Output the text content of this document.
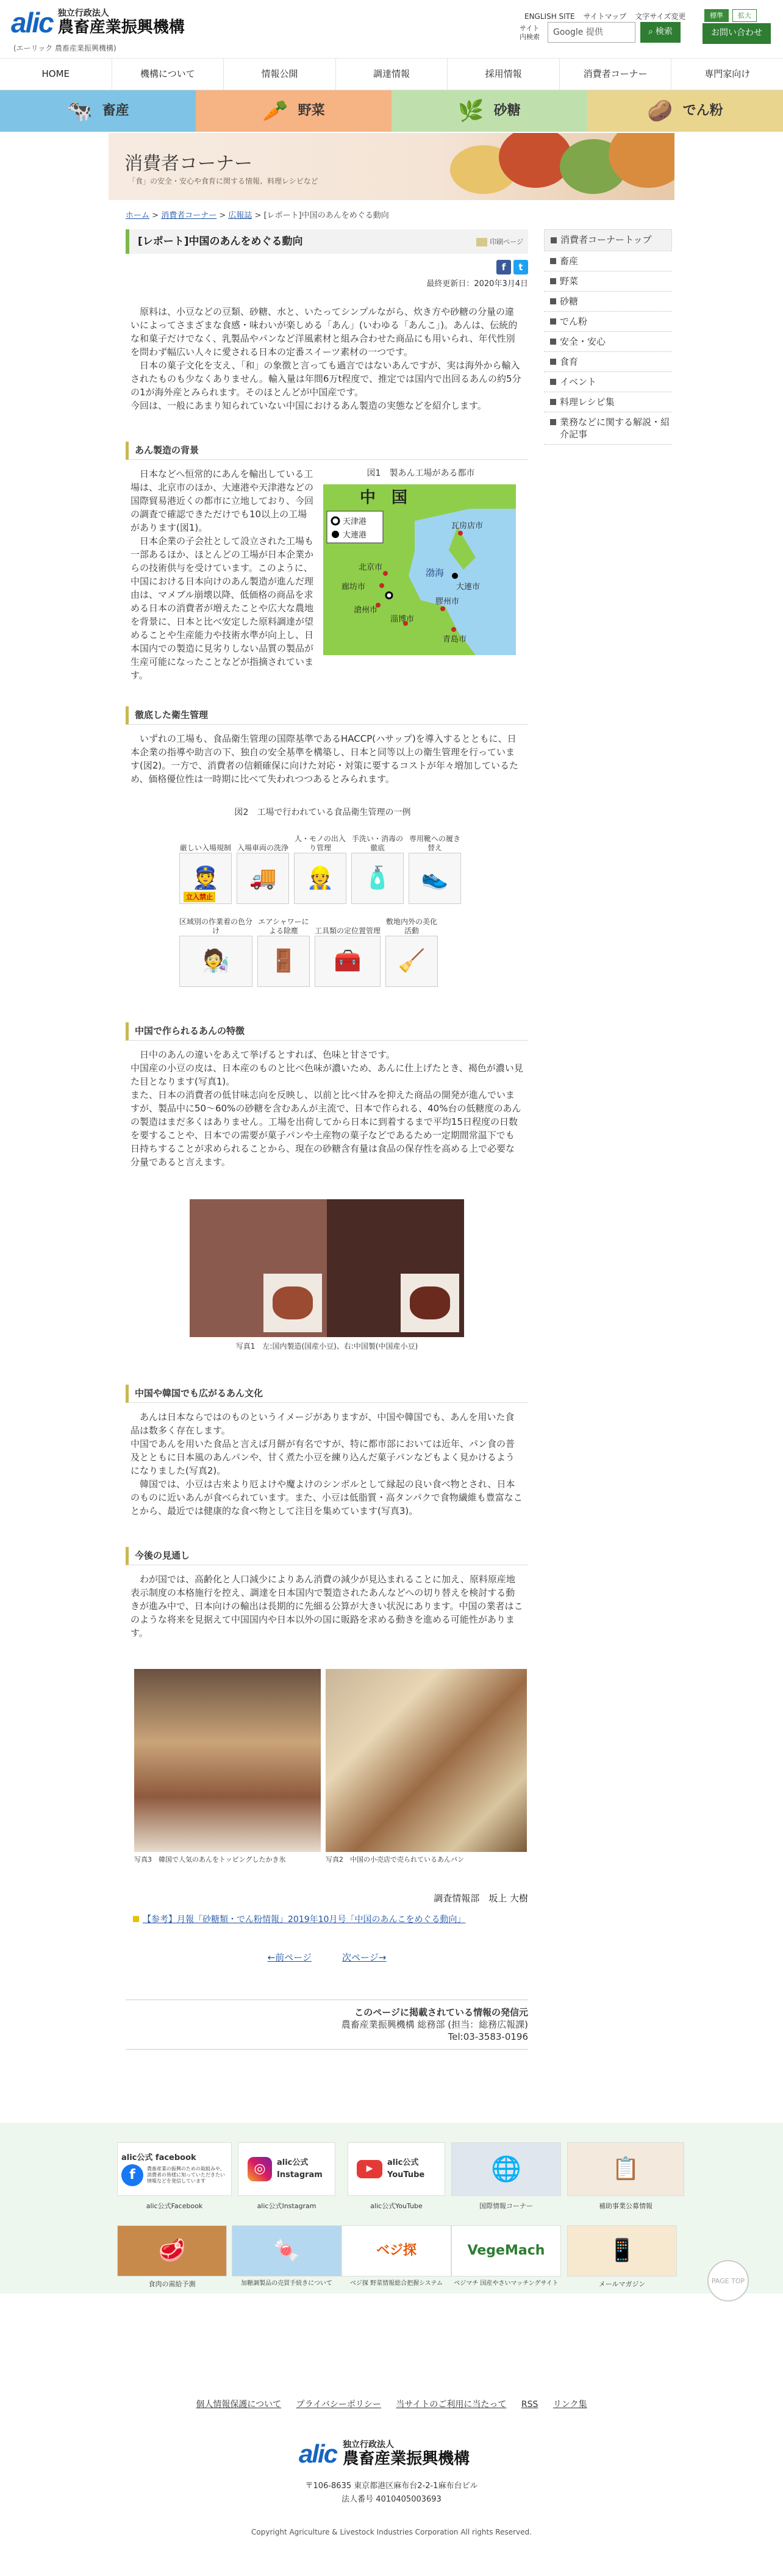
alic 独立行政法人
農畜産業振興機構
(エーリック 農畜産業振興機構)
ENGLISH SITE サイトマップ 文字サイズ変更	標準	拡大
サイト内検索	Google 提供	⌕ 検索	お問い合わせ
HOME	機構について	情報公開	調達情報	採用情報	消費者コーナー	専門家向け
🐄 畜産	🥕 野菜	🌿 砂糖	🥔 でん粉
消費者コーナー
「食」の安全・安心や食育に関する情報、料理レシピなど
ホーム > 消費者コーナー > 広報誌 > [レポート]中国のあんをめぐる動向
[レポート]中国のあんをめぐる動向	印刷ページ
f	t
最終更新日：2020年3月4日

原料は、小豆などの豆類、砂糖、水と、いたってシンプルながら、炊き方や砂糖の分量の違いによってさまざまな食感・味わいが楽しめる「あん」(いわゆる「あんこ」)。あんは、伝統的な和菓子だけでなく、乳製品やパンなど洋風素材と組み合わせた商品にも用いられ、年代性別を問わず幅広い人々に愛される日本の定番スイーツ素材の一つです。

日本の菓子文化を支え、「和」の象徴と言っても過言ではないあんですが、実は海外から輸入されたものも少なくありません。輸入量は年間6万t程度で、推定では国内で出回るあんの約5分の1が海外産とみられます。そのほとんどが中国産です。

今回は、一般にあまり知られていない中国におけるあん製造の実態などを紹介します。

あん製造の背景

日本などへ恒常的にあんを輸出している工場は、北京市のほか、大連港や天津港などの国際貿易港近くの都市に立地しており、今回の調査で確認できただけでも10以上の工場があります(図1)。

日本企業の子会社として設立された工場も一部あるほか、ほとんどの工場が日本企業からの技術供与を受けています。このように、中国における日本向けのあん製造が進んだ理由は、マメブル崩壊以降、低価格の商品を求める日本の消費者が増えたことや広大な農地を背景に、日本と比べ安定した原料調達が望めることや生産能力や技術水準が向上し、日本国内での製造に見劣りしない品質の製品が生産可能になったことなどが指摘されています。

図1　製あん工場がある都市
中　国
天津港
大連港
北京市
瓦房店市
廊坊市
渤海
滄州市
大連市
淄博市
膠州市
青島市
徹底した衛生管理

いずれの工場も、食品衛生管理の国際基準であるHACCP(ハサップ)を導入するとともに、日本企業の指導や助言の下、独自の安全基準を構築し、日本と同等以上の衛生管理を行っています(図2)。一方で、消費者の信頼確保に向けた対応・対策に要するコストが年々増加しているため、価格優位性は一時期に比べて失われつつあるとみられます。

図2　工場で行われている食品衛生管理の一例
厳しい入場規制
👮
立入禁止
入場車両の洗浄
🚚
人・モノの出入り管理
👷
手洗い・消毒の徹底
🧴
専用靴への履き替え
👟
区域別の作業着の色分け
🧑‍🔬
エアシャワーによる除塵
🚪
工具類の定位置管理
🧰
敷地内外の美化活動
🧹
中国で作られるあんの特徴

日中のあんの違いをあえて挙げるとすれば、色味と甘さです。

中国産の小豆の皮は、日本産のものと比べ色味が濃いため、あんに仕上げたとき、褐色が濃い見た目となります(写真1)。

また、日本の消費者の低甘味志向を反映し、以前と比べ甘みを抑えた商品の開発が進んでいますが、製品中に50～60%の砂糖を含むあんが主流で、日本で作られる、40%台の低糖度のあんの製造はまだ多くはありません。工場を出荷してから日本に到着するまで平均15日程度の日数を要することや、日本での需要が菓子パンや土産物の菓子などであるため一定期間常温下でも日持ちすることが求められることから、現在の砂糖含有量は食品の保存性を高める上で必要な分量であると言えます。

写真1　左:国内製造(国産小豆)、右:中国製(中国産小豆)
中国や韓国でも広がるあん文化

あんは日本ならではのものというイメージがありますが、中国や韓国でも、あんを用いた食品は数多く存在します。

中国であんを用いた食品と言えば月餅が有名ですが、特に都市部においては近年、パン食の普及とともに日本風のあんパンや、甘く煮た小豆を練り込んだ菓子パンなどもよく見かけるようになりました(写真2)。

韓国では、小豆は古来より厄よけや魔よけのシンボルとして縁起の良い食べ物とされ、日本のものに近いあんが食べられています。また、小豆は低脂質・高タンパクで食物繊維も豊富なことから、最近では健康的な食べ物として注目を集めています(写真3)。

今後の見通し

わが国では、高齢化と人口減少によりあん消費の減少が見込まれることに加え、原料原産地表示制度の本格施行を控え、調達を日本国内で製造されたあんなどへの切り替えを検討する動きが進み中で、日本向けの輸出は長期的に先細る公算が大きい状況にあります。中国の業者はこのような将来を見据えて中国国内や日本以外の国に販路を求める動きを進める可能性があります。

写真3　韓国で人気のあんをトッピングしたかき氷	写真2　中国の小売店で売られているあんパン
調査情報部　坂上 大樹
【参考】月報「砂糖類・でん粉情報」2019年10月号「中国のあんこをめぐる動向」
←前ページ	次ページ→
このページに掲載されている情報の発信元
農畜産業振興機構 総務部 (担当：総務広報課)
Tel:03-3583-0196
消費者コーナートップ
畜産
野菜
砂糖
でん粉
安全・安心
食育
イベント
料理レシピ集
業務などに関する解説・紹介記事
alic公式 facebook
f	農畜産業の振興のための取組みや、消費者の皆様に知っていただきたい情報などを発信しています
◎	alic公式 Instagram
▶
alic公式 YouTube	🌐	📋
alic公式Facebook	alic公式Instagram	alic公式YouTube	国際情報コーナー	補助事業公募情報
🥩	🍬	ベジ探	VegeMach	📱
食肉の需給予測	加糖調製品の売買手続きについて	ベジ探 野菜情報総合把握システム	ベジマチ 国産やさいマッチングサイト	メールマガジン	PAGE TOP
個人情報保護について プライバシーポリシー 当サイトのご利用に当たって RSS リンク集
alic 独立行政法人
農畜産業振興機構
〒106-8635 東京都港区麻布台2-2-1麻布台ビル
法人番号 4010405003693
Copyright Agriculture & Livestock Industries Corporation All rights Reserved.
